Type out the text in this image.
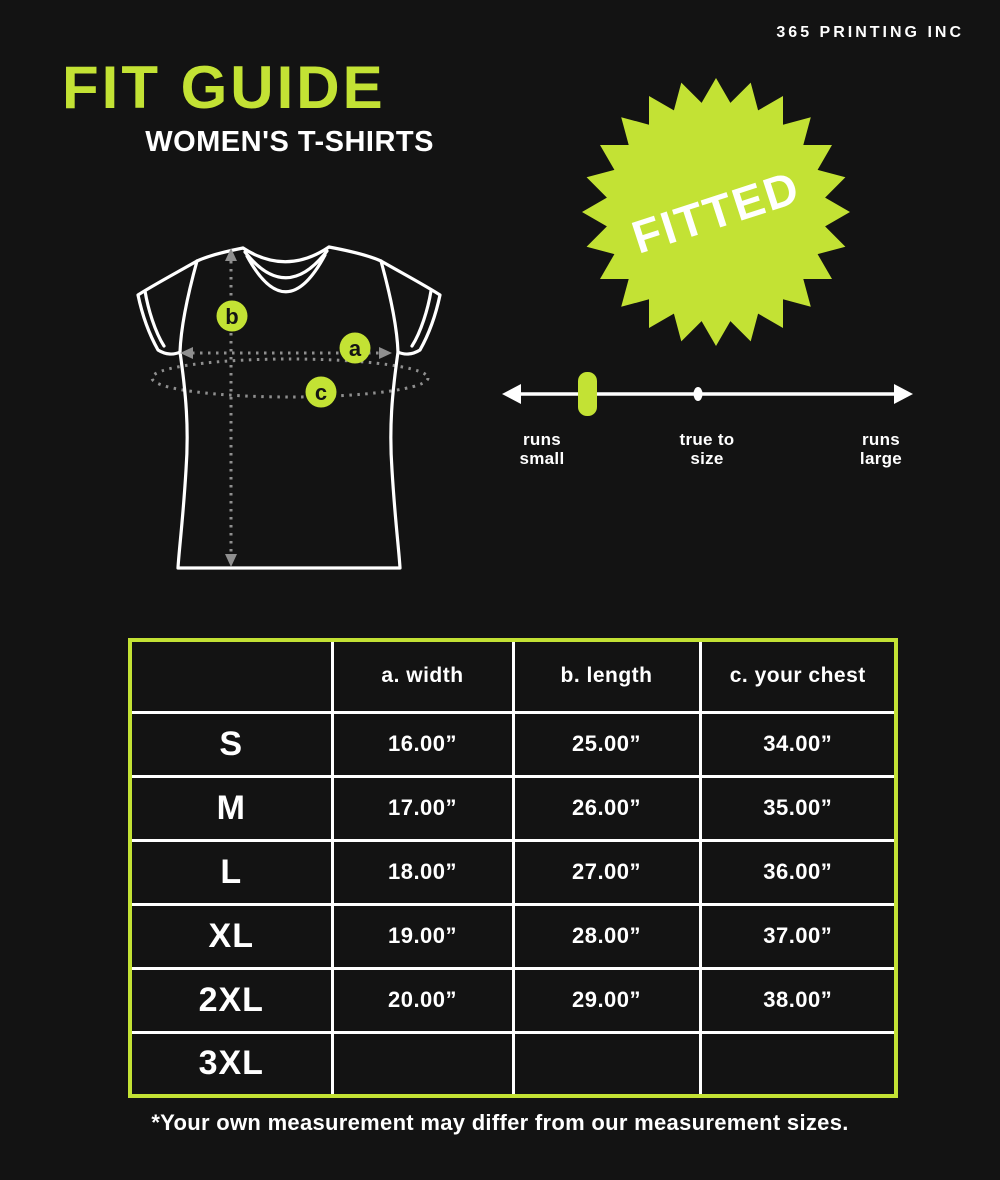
365 PRINTING INC
FIT GUIDE
WOMEN'S T-SHIRTS
FITTED
b
a
c
runs small
true to size
runs large
	a. width	b. length	c. your chest
S	16.00”	25.00”	34.00”
M	17.00”	26.00”	35.00”
L	18.00”	27.00”	36.00”
XL	19.00”	28.00”	37.00”
2XL	20.00”	29.00”	38.00”
3XL			
*Your own measurement may differ from our measurement sizes.
